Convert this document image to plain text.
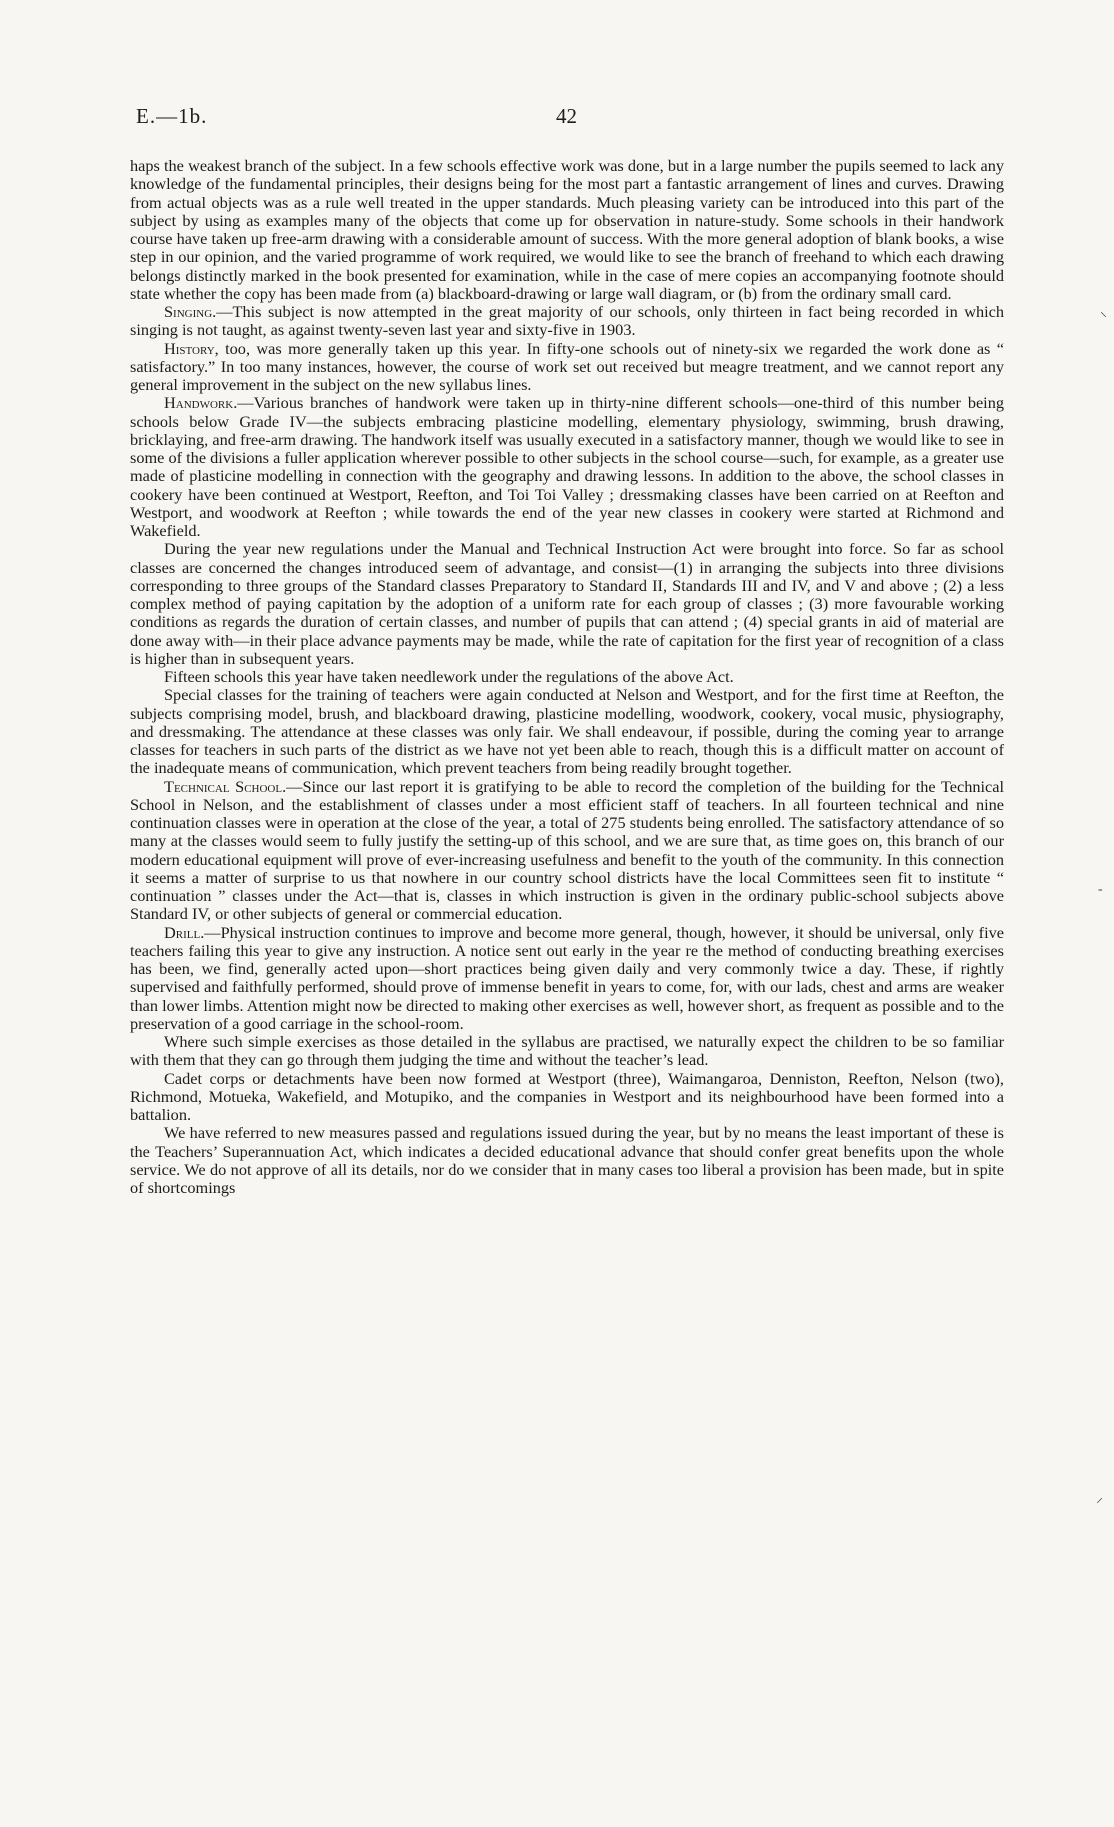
E.—1b.	42

haps the weakest branch of the subject. In a few schools effective work was done, but in a large number the pupils seemed to lack any knowledge of the fundamental principles, their designs being for the most part a fantastic arrangement of lines and curves. Drawing from actual objects was as a rule well treated in the upper standards. Much pleasing variety can be introduced into this part of the subject by using as examples many of the objects that come up for observation in nature-study. Some schools in their handwork course have taken up free-arm drawing with a considerable amount of success. With the more general adoption of blank books, a wise step in our opinion, and the varied programme of work required, we would like to see the branch of freehand to which each drawing belongs distinctly marked in the book presented for examination, while in the case of mere copies an accompanying footnote should state whether the copy has been made from (a) blackboard-drawing or large wall diagram, or (b) from the ordinary small card.

Singing.—This subject is now attempted in the great majority of our schools, only thirteen in fact being recorded in which singing is not taught, as against twenty-seven last year and sixty-five in 1903.

History, too, was more generally taken up this year. In fifty-one schools out of ninety-six we regarded the work done as “ satisfactory.” In too many instances, however, the course of work set out received but meagre treatment, and we cannot report any general improvement in the subject on the new syllabus lines.

Handwork.—Various branches of handwork were taken up in thirty-nine different schools—one-third of this number being schools below Grade IV—the subjects embracing plasticine modelling, elementary physiology, swimming, brush drawing, bricklaying, and free-arm drawing. The handwork itself was usually executed in a satisfactory manner, though we would like to see in some of the divisions a fuller application wherever possible to other subjects in the school course—such, for example, as a greater use made of plasticine modelling in connection with the geography and drawing lessons. In addition to the above, the school classes in cookery have been continued at Westport, Reefton, and Toi Toi Valley ; dressmaking classes have been carried on at Reefton and Westport, and woodwork at Reefton ; while towards the end of the year new classes in cookery were started at Richmond and Wakefield.

During the year new regulations under the Manual and Technical Instruction Act were brought into force. So far as school classes are concerned the changes introduced seem of advantage, and consist—(1) in arranging the subjects into three divisions corresponding to three groups of the Standard classes Preparatory to Standard II, Standards III and IV, and V and above ; (2) a less complex method of paying capitation by the adoption of a uniform rate for each group of classes ; (3) more favourable working conditions as regards the duration of certain classes, and number of pupils that can attend ; (4) special grants in aid of material are done away with—in their place advance payments may be made, while the rate of capitation for the first year of recognition of a class is higher than in subsequent years.

Fifteen schools this year have taken needlework under the regulations of the above Act.

Special classes for the training of teachers were again conducted at Nelson and Westport, and for the first time at Reefton, the subjects comprising model, brush, and blackboard drawing, plasticine modelling, woodwork, cookery, vocal music, physiography, and dressmaking. The attendance at these classes was only fair. We shall endeavour, if possible, during the coming year to arrange classes for teachers in such parts of the district as we have not yet been able to reach, though this is a difficult matter on account of the inadequate means of communication, which prevent teachers from being readily brought together.

Technical School.—Since our last report it is gratifying to be able to record the completion of the building for the Technical School in Nelson, and the establishment of classes under a most efficient staff of teachers. In all fourteen technical and nine continuation classes were in operation at the close of the year, a total of 275 students being enrolled. The satisfactory attendance of so many at the classes would seem to fully justify the setting-up of this school, and we are sure that, as time goes on, this branch of our modern educational equipment will prove of ever-increasing usefulness and benefit to the youth of the community. In this connection it seems a matter of surprise to us that nowhere in our country school districts have the local Committees seen fit to institute “ continuation ” classes under the Act—that is, classes in which instruction is given in the ordinary public-school subjects above Standard IV, or other subjects of general or commercial education.

Drill.—Physical instruction continues to improve and become more general, though, however, it should be universal, only five teachers failing this year to give any instruction. A notice sent out early in the year re the method of conducting breathing exercises has been, we find, generally acted upon—short practices being given daily and very commonly twice a day. These, if rightly supervised and faithfully performed, should prove of immense benefit in years to come, for, with our lads, chest and arms are weaker than lower limbs. Attention might now be directed to making other exercises as well, however short, as frequent as possible and to the preservation of a good carriage in the school-room.

Where such simple exercises as those detailed in the syllabus are practised, we naturally expect the children to be so familiar with them that they can go through them judging the time and without the teacher’s lead.

Cadet corps or detachments have been now formed at Westport (three), Waimangaroa, Denniston, Reefton, Nelson (two), Richmond, Motueka, Wakefield, and Motupiko, and the companies in Westport and its neighbourhood have been formed into a battalion.

We have referred to new measures passed and regulations issued during the year, but by no means the least important of these is the Teachers’ Superannuation Act, which indicates a decided educational advance that should confer great benefits upon the whole service. We do not approve of all its details, nor do we consider that in many cases too liberal a provision has been made, but in spite of shortcomings

⸜
‐
⸝
